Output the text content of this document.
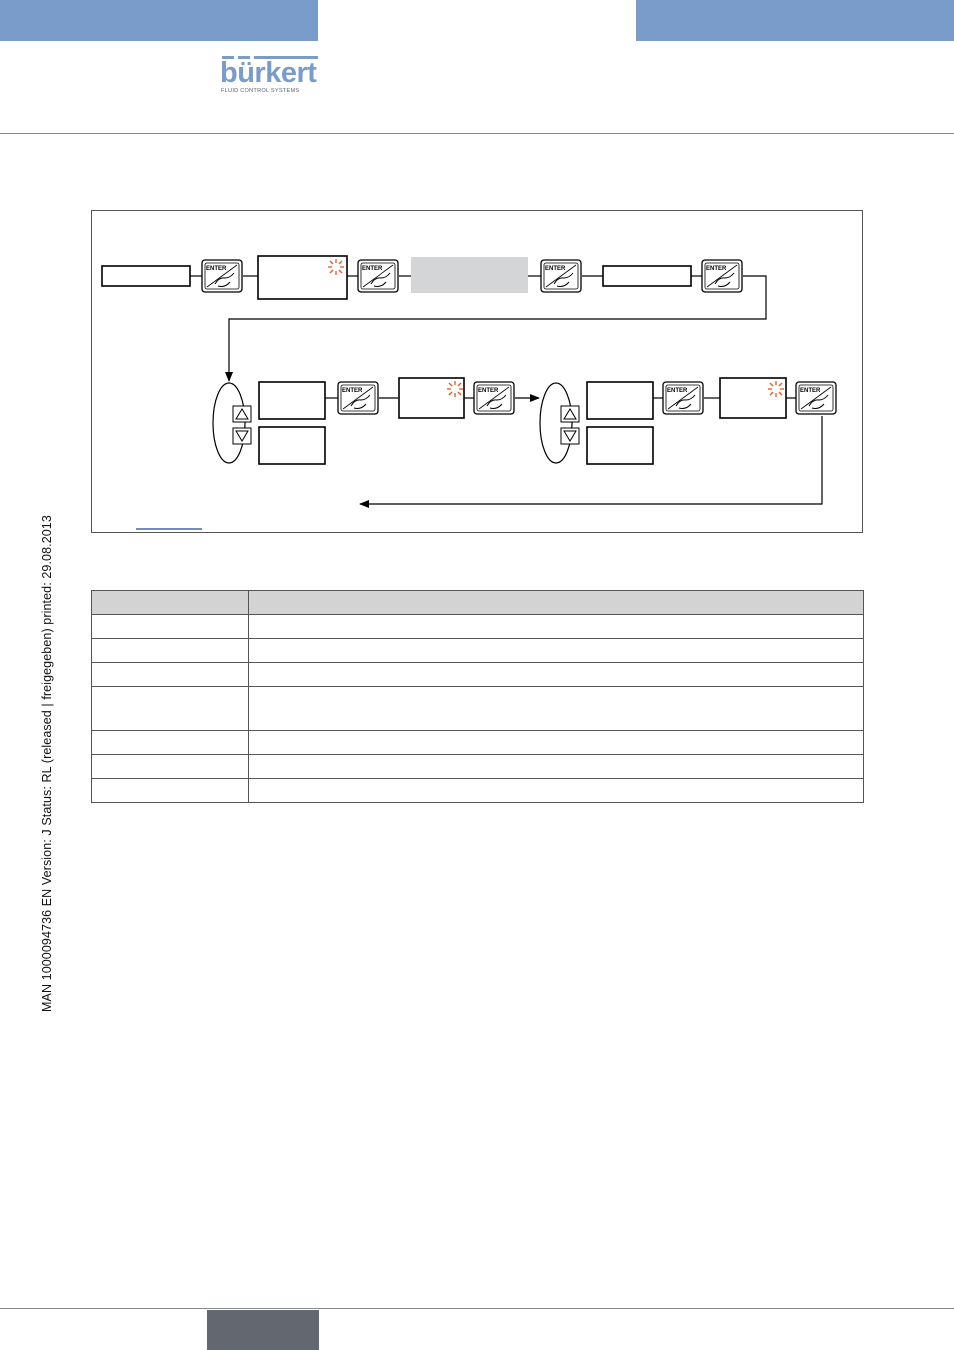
bürkert
FLUID CONTROL SYSTEMS
ENTER	ENTER	ENTER	ENTER
ENTER	ENTER	ENTER	ENTER

MAN 1000094736 EN Version: J Status: RL (released | freigegeben) printed: 29.08.2013
